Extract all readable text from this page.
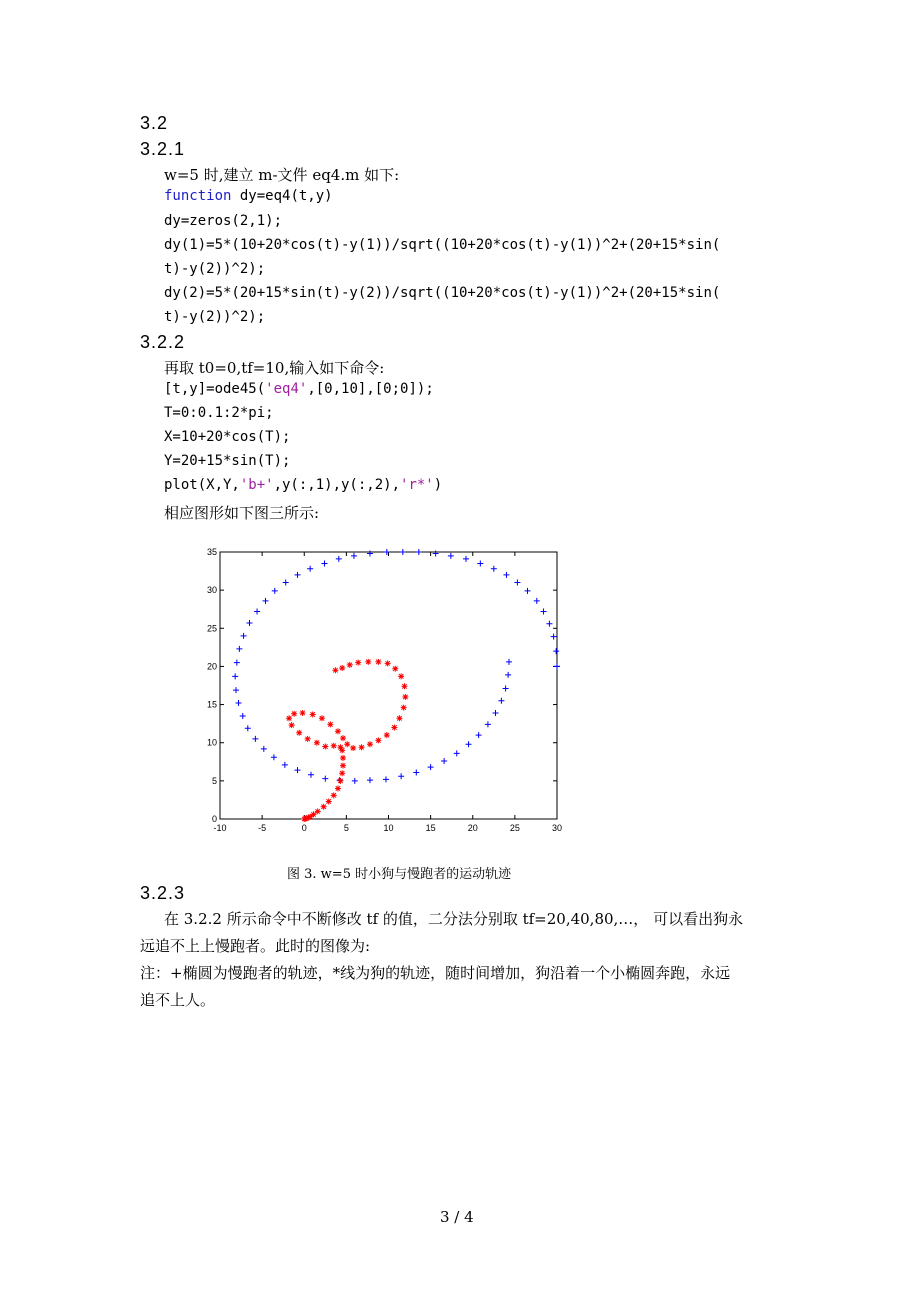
3.2
3.2.1
w=5 时,建立 m-文件 eq4.m 如下:
function dy=eq4(t,y)
dy=zeros(2,1);
dy(1)=5*(10+20*cos(t)-y(1))/sqrt((10+20*cos(t)-y(1))^2+(20+15*sin(
t)-y(2))^2);
dy(2)=5*(20+15*sin(t)-y(2))/sqrt((10+20*cos(t)-y(1))^2+(20+15*sin(
t)-y(2))^2);
3.2.2
再取 t0=0,tf=10,输入如下命令:
[t,y]=ode45('eq4',[0,10],[0;0]);
T=0:0.1:2*pi;
X=10+20*cos(T);
Y=20+15*sin(T);
plot(X,Y,'b+',y(:,1),y(:,2),'r*')
相应图形如下图三所示:
-10	-5	0	5	10	15	20	25	30
0
5
10
15
20
25
30
35
图 3. w=5 时小狗与慢跑者的运动轨迹
3.2.3
在 3.2.2 所示命令中不断修改 tf 的值，二分法分别取 tf=20,40,80,…， 可以看出狗永
远追不上上慢跑者。此时的图像为:
注：+椭圆为慢跑者的轨迹，*线为狗的轨迹，随时间增加，狗沿着一个小椭圆奔跑，永远
追不上人。
3 / 4
